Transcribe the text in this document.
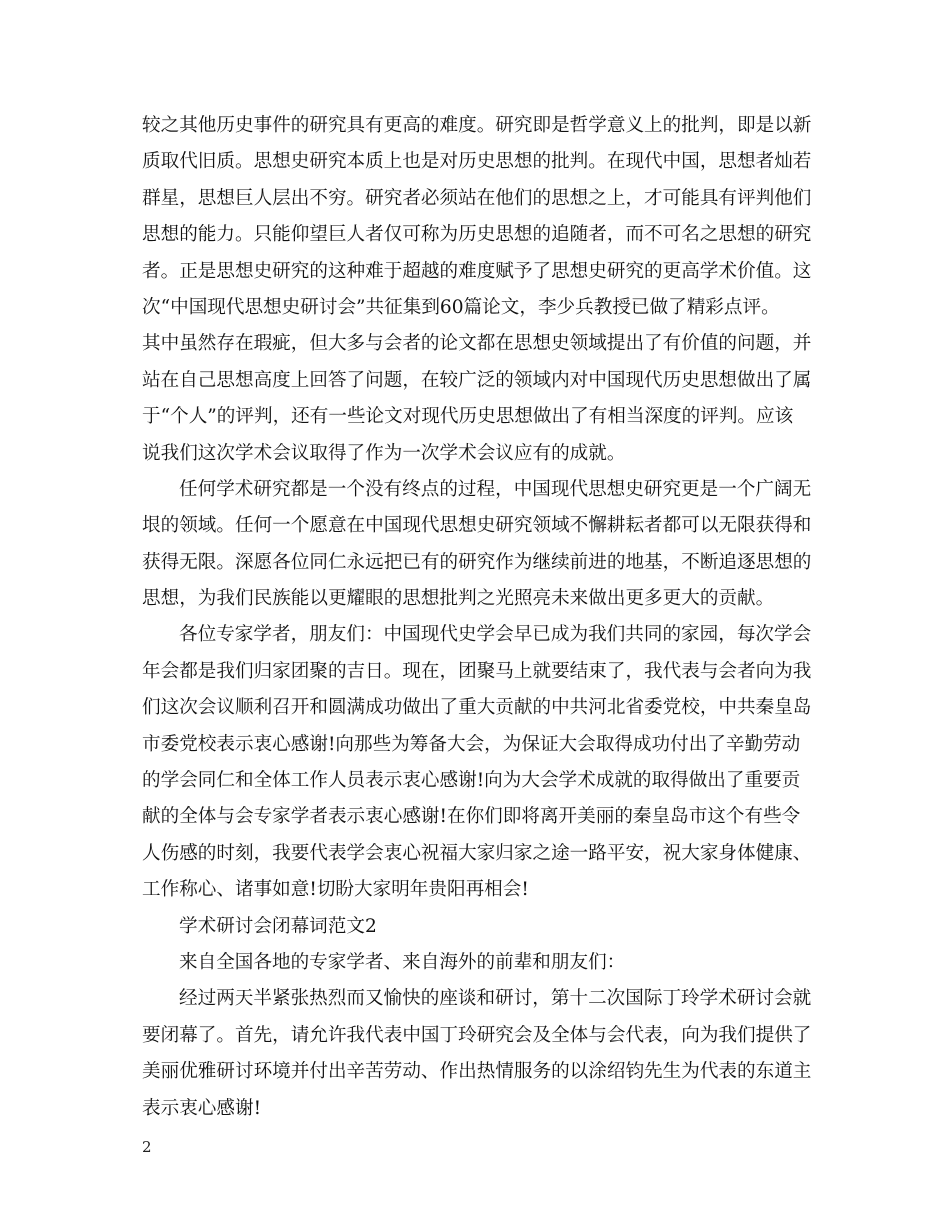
较之其他历史事件的研究具有更高的难度。研究即是哲学意义上的批判，即是以新
质取代旧质。思想史研究本质上也是对历史思想的批判。在现代中国，思想者灿若
群星，思想巨人层出不穷。研究者必须站在他们的思想之上，才可能具有评判他们
思想的能力。只能仰望巨人者仅可称为历史思想的追随者，而不可名之思想的研究
者。正是思想史研究的这种难于超越的难度赋予了思想史研究的更高学术价值。这
次“中国现代思想史研讨会”共征集到60篇论文，李少兵教授已做了精彩点评。
其中虽然存在瑕疵，但大多与会者的论文都在思想史领域提出了有价值的问题，并
站在自己思想高度上回答了问题，在较广泛的领域内对中国现代历史思想做出了属
于“个人”的评判，还有一些论文对现代历史思想做出了有相当深度的评判。应该
说我们这次学术会议取得了作为一次学术会议应有的成就。
任何学术研究都是一个没有终点的过程，中国现代思想史研究更是一个广阔无
垠的领域。任何一个愿意在中国现代思想史研究领域不懈耕耘者都可以无限获得和
获得无限。深愿各位同仁永远把已有的研究作为继续前进的地基，不断追逐思想的
思想，为我们民族能以更耀眼的思想批判之光照亮未来做出更多更大的贡献。
各位专家学者，朋友们：中国现代史学会早已成为我们共同的家园，每次学会
年会都是我们归家团聚的吉日。现在，团聚马上就要结束了，我代表与会者向为我
们这次会议顺利召开和圆满成功做出了重大贡献的中共河北省委党校，中共秦皇岛
市委党校表示衷心感谢!向那些为筹备大会，为保证大会取得成功付出了辛勤劳动
的学会同仁和全体工作人员表示衷心感谢!向为大会学术成就的取得做出了重要贡
献的全体与会专家学者表示衷心感谢!在你们即将离开美丽的秦皇岛市这个有些令
人伤感的时刻，我要代表学会衷心祝福大家归家之途一路平安，祝大家身体健康、
工作称心、诸事如意!切盼大家明年贵阳再相会!
学术研讨会闭幕词范文2
来自全国各地的专家学者、来自海外的前辈和朋友们：
经过两天半紧张热烈而又愉快的座谈和研讨，第十二次国际丁玲学术研讨会就
要闭幕了。首先，请允许我代表中国丁玲研究会及全体与会代表，向为我们提供了
美丽优雅研讨环境并付出辛苦劳动、作出热情服务的以涂绍钧先生为代表的东道主
表示衷心感谢!
2
